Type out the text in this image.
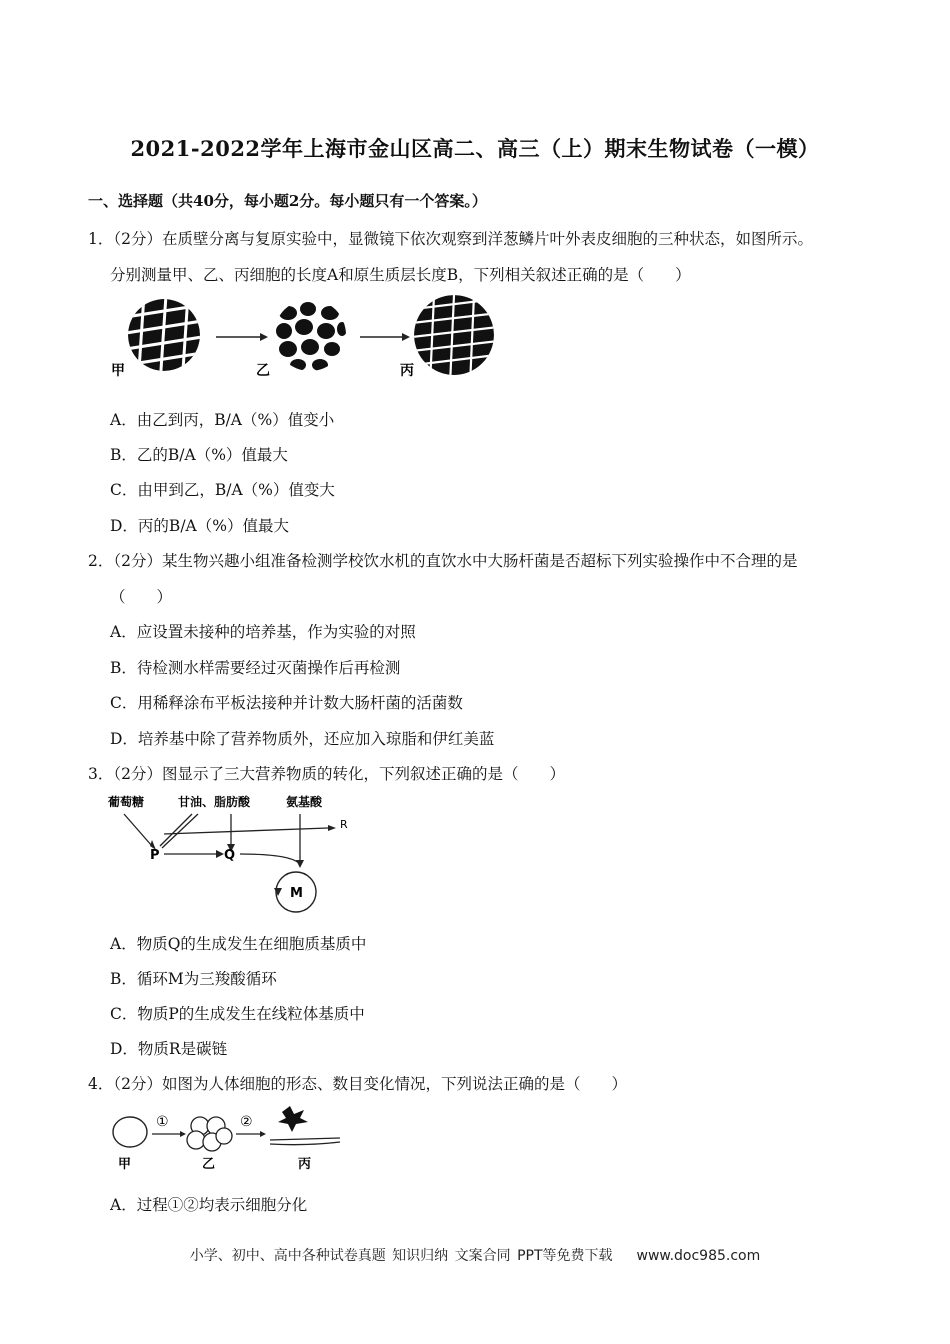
2021-2022学年上海市金山区高二、高三（上）期末生物试卷（一模）
一、选择题（共40分，每小题2分。每小题只有一个答案。）
1．（2分）在质壁分离与复原实验中，显微镜下依次观察到洋葱鳞片叶外表皮细胞的三种状态，如图所示。
分别测量甲、乙、丙细胞的长度A和原生质层长度B，下列相关叙述正确的是（　　）
甲	乙	丙
A．由乙到丙，B/A（%）值变小
B．乙的B/A（%）值最大
C．由甲到乙，B/A（%）值变大
D．丙的B/A（%）值最大
2．（2分）某生物兴趣小组准备检测学校饮水机的直饮水中大肠杆菌是否超标下列实验操作中不合理的是
（　　）
A．应设置未接种的培养基，作为实验的对照
B．待检测水样需要经过灭菌操作后再检测
C．用稀释涂布平板法接种并计数大肠杆菌的活菌数
D．培养基中除了营养物质外，还应加入琼脂和伊红美蓝
3．（2分）图显示了三大营养物质的转化，下列叙述正确的是（　　）
葡萄糖	甘油、脂肪酸	氨基酸
R
P	Q
M
A．物质Q的生成发生在细胞质基质中
B．循环M为三羧酸循环
C．物质P的生成发生在线粒体基质中
D．物质R是碳链
4．（2分）如图为人体细胞的形态、数目变化情况，下列说法正确的是（　　）
甲
①
乙
②
丙
A．过程①②均表示细胞分化
小学、初中、高中各种试卷真题 知识归纳 文案合同 PPT等免费下载 www.doc985.com
